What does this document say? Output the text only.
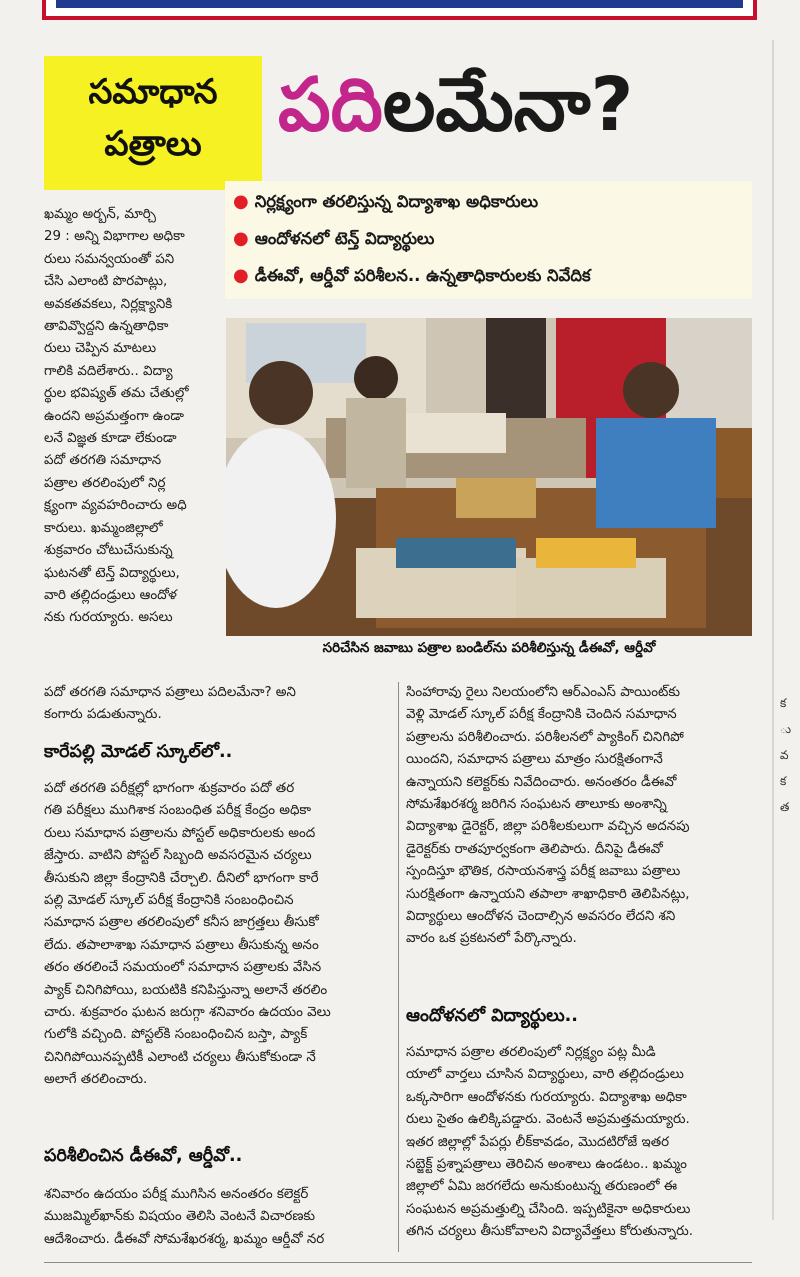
క
ు
వ
క
త
సమాధాన
పత్రాలు	పదిలమేనా?
● నిర్లక్ష్యంగా తరలిస్తున్న విద్యాశాఖ అధికారులు
● ఆందోళనలో టెన్త్‌ విద్యార్థులు
● డీఈవో, ఆర్డీవో పరిశీలన.. ఉన్నతాధికారులకు నివేదిక
సరిచేసిన జవాబు పత్రాల బండిల్‌ను పరిశీలిస్తున్న డీఈవో, ఆర్డీవో

ఖమ్మం అర్బన్‌, మార్చి

29 : అన్ని విభాగాల అధికా

రులు సమన్వయంతో పని

చేసి ఎలాంటి పొరపాట్లు,

అవకతవకలు, నిర్లక్ష్యానికి

తావివ్వొద్దని ఉన్నతాధికా

రులు చెప్పిన మాటలు

గాలికి వదిలేశారు.. విద్యా

ర్థుల భవిష్యత్‌ తమ చేతుల్లో

ఉందని అప్రమత్తంగా ఉండా

లనే విజ్ఞత కూడా లేకుండా

పదో తరగతి సమాధాన

పత్రాల తరలింపులో నిర్ల

క్ష్యంగా వ్యవహరించారు అధి

కారులు. ఖమ్మంజిల్లాలో

శుక్రవారం చోటుచేసుకున్న

ఘటనతో టెన్త్‌ విద్యార్థులు,

వారి తల్లిదండ్రులు ఆందోళ

నకు గురయ్యారు. అసలు

పదో తరగతి సమాధాన పత్రాలు పదిలమేనా? అని

కంగారు పడుతున్నారు.

కారేపల్లి మోడల్‌ స్కూల్‌లో..

పదో తరగతి పరీక్షల్లో భాగంగా శుక్రవారం పదో తర

గతి పరీక్షలు ముగిశాక సంబంధిత పరీక్ష కేంద్రం అధికా

రులు సమాధాన పత్రాలను పోస్టల్‌ అధికారులకు అంద

జేస్తారు. వాటిని పోస్టల్‌ సిబ్బంది అవసరమైన చర్యలు

తీసుకుని జిల్లా కేంద్రానికి చేర్చాలి. దీనిలో భాగంగా కారే

పల్లి మోడల్‌ స్కూల్‌ పరీక్ష కేంద్రానికి సంబంధించిన

సమాధాన పత్రాల తరలింపులో కనీస జాగ్రత్తలు తీసుకో

లేదు. తపాలాశాఖ సమాధాన పత్రాలు తీసుకున్న అనం

తరం తరలించే సమయంలో సమాధాన పత్రాలకు వేసిన

ప్యాక్‌ చినిగిపోయి, బయటికి కనిపిస్తున్నా అలానే తరలిం

చారు. శుక్రవారం ఘటన జరుగ్గా శనివారం ఉదయం వెలు

గులోకి వచ్చింది. పోస్టల్‌కి సంబంధించిన బస్తా, ప్యాక్‌

చినిగిపోయినప్పటికీ ఎలాంటి చర్యలు తీసుకోకుండా నే

అలాగే తరలించారు.

పరిశీలించిన డీఈవో, ఆర్డీవో..

శనివారం ఉదయం పరీక్ష ముగిసిన అనంతరం కలెక్టర్‌

ముజమ్మిల్‌ఖాన్‌కు విషయం తెలిసి వెంటనే విచారణకు

ఆదేశించారు. డీఈవో సోమశేఖరశర్మ, ఖమ్మం ఆర్డీవో నర

సింహారావు రైలు నిలయంలోని ఆర్‌ఎంఎస్‌ పాయింట్‌కు

వెళ్లి మోడల్‌ స్కూల్‌ పరీక్ష కేంద్రానికి చెందిన సమాధాన

పత్రాలను పరిశీలించారు. పరిశీలనలో ప్యాకింగ్‌ చినిగిపో

యిందని, సమాధాన పత్రాలు మాత్రం సురక్షితంగానే

ఉన్నాయని కలెక్టర్‌కు నివేదించారు. అనంతరం డీఈవో

సోమశేఖరశర్మ జరిగిన సంఘటన తాలూకు అంశాన్ని

విద్యాశాఖ డైరెక్టర్‌, జిల్లా పరిశీలకులుగా వచ్చిన అదనపు

డైరెక్టర్‌కు రాతపూర్వకంగా తెలిపారు. దీనిపై డీఈవో

స్పందిస్తూ భౌతిక, రసాయనశాస్త్ర పరీక్ష జవాబు పత్రాలు

సురక్షితంగా ఉన్నాయని తపాలా శాఖాధికారి తెలిపినట్లు,

విద్యార్థులు ఆందోళన చెందాల్సిన అవసరం లేదని శని

వారం ఒక ప్రకటనలో పేర్కొన్నారు.

ఆందోళనలో విద్యార్థులు..

సమాధాన పత్రాల తరలింపులో నిర్లక్ష్యం పట్ల మీడి

యాలో వార్తలు చూసిన విద్యార్థులు, వారి తల్లిదండ్రులు

ఒక్కసారిగా ఆందోళనకు గురయ్యారు. విద్యాశాఖ అధికా

రులు సైతం ఉలిక్కిపడ్డారు. వెంటనే అప్రమత్తమయ్యారు.

ఇతర జిల్లాల్లో పేపర్లు లీక్‌కావడం, మొదటిరోజే ఇతర

సబ్జెక్ట్‌ ప్రశ్నాపత్రాలు తెరిచిన అంశాలు ఉండటం.. ఖమ్మం

జిల్లాలో ఏమి జరగలేదు అనుకుంటున్న తరుణంలో ఈ

సంఘటన అప్రమత్తుల్ని చేసింది. ఇప్పటికైనా అధికారులు

తగిన చర్యలు తీసుకోవాలని విద్యావేత్తలు కోరుతున్నారు.
